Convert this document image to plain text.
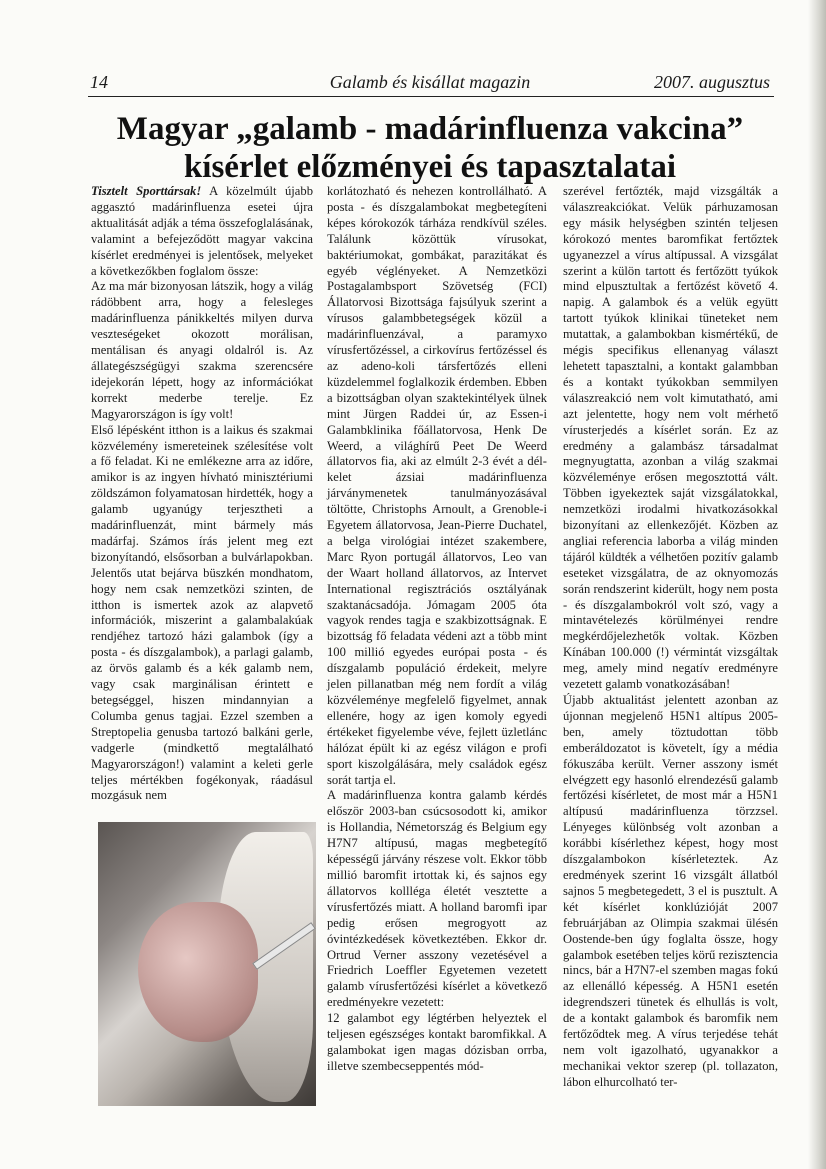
14	Galamb és kisállat magazin	2007. augusztus
Magyar „galamb - madárinfluenza vakcina”
kísérlet előzményei és tapasztalatai

Tisztelt Sporttársak! A közelmúlt újabb aggasztó madárinfluenza esetei újra aktualitását adják a téma összefoglalásának, valamint a befejeződött magyar vakcina kísérlet eredményei is jelentősek, melyeket a következőkben foglalom össze:

Az ma már bizonyosan látszik, hogy a világ rádöbbent arra, hogy a felesleges madárinfluenza pánikkeltés milyen durva veszteségeket okozott morálisan, mentálisan és anyagi oldalról is. Az állategészségügyi szakma szerencsére idejekorán lépett, hogy az információkat korrekt mederbe terelje. Ez Magyarországon is így volt!

Első lépésként itthon is a laikus és szakmai közvélemény ismereteinek szélesítése volt a fő feladat. Ki ne emlékezne arra az időre, amikor is az ingyen hívható minisztériumi zöldszámon folyamatosan hirdették, hogy a galamb ugyanúgy terjesztheti a madárinfluenzát, mint bármely más madárfaj. Számos írás jelent meg ezt bizonyítandó, elsősorban a bulvárlapokban. Jelentős utat bejárva büszkén mondhatom, hogy nem csak nemzetközi szinten, de itthon is ismertek azok az alapvető információk, miszerint a galambalakúak rendjéhez tartozó házi galambok (így a posta - és díszgalambok), a parlagi galamb, az örvös galamb és a kék galamb nem, vagy csak marginálisan érintett e betegséggel, hiszen mindannyian a Columba genus tagjai. Ezzel szemben a Streptopelia genusba tartozó balkáni gerle, vadgerle (mindkettő megtalálható Magyarországon!) valamint a keleti gerle teljes mértékben fogékonyak, ráadásul mozgásuk nem

korlátozható és nehezen kontrollálható. A posta - és díszgalambokat megbetegíteni képes kórokozók tárháza rendkívül széles. Találunk közöttük vírusokat, baktériumokat, gombákat, parazitákat és egyéb véglényeket. A Nemzetközi Postagalambsport Szövetség (FCI) Állatorvosi Bizottsága fajsúlyuk szerint a vírusos galambbetegségek közül a madárinfluenzával, a paramyxo vírusfertőzéssel, a cirkovírus fertőzéssel és az adeno-koli társfertőzés elleni küzdelemmel foglalkozik érdemben. Ebben a bizottságban olyan szaktekintélyek ülnek mint Jürgen Raddei úr, az Essen-i Galambklinika főállatorvosa, Henk De Weerd, a világhírű Peet De Weerd állatorvos fia, aki az elmúlt 2-3 évét a dél-kelet ázsiai madárinfluenza járványmenetek tanulmányozásával töltötte, Christophs Arnoult, a Grenoble-i Egyetem állatorvosa, Jean-Pierre Duchatel, a belga virológiai intézet szakembere, Marc Ryon portugál állatorvos, Leo van der Waart holland állatorvos, az Intervet International regisztrációs osztályának szaktanácsadója. Jómagam 2005 óta vagyok rendes tagja e szakbizottságnak. E bizottság fő feladata védeni azt a több mint 100 millió egyedes európai posta - és díszgalamb populáció érdekeit, melyre jelen pillanatban még nem fordít a világ közvéleménye megfelelő figyelmet, annak ellenére, hogy az igen komoly egyedi értékeket figyelembe véve, fejlett üzletlánc hálózat épült ki az egész világon e profi sport kiszolgálására, mely családok egész sorát tartja el.

A madárinfluenza kontra galamb kérdés először 2003-ban csúcsosodott ki, amikor is Hollandia, Németország és Belgium egy H7N7 altípusú, magas megbetegítő képességű járvány részese volt. Ekkor több millió baromfit irtottak ki, és sajnos egy állatorvos kollléga életét vesztette a vírusfertőzés miatt. A holland baromfi ipar pedig erősen megrogyott az óvintézkedések következtében. Ekkor dr. Ortrud Verner asszony vezetésével a Friedrich Loeffler Egyetemen vezetett galamb vírusfertőzési kísérlet a következő eredményekre vezetett:

12 galambot egy légtérben helyeztek el teljesen egészséges kontakt baromfikkal. A galambokat igen magas dózisban orrba, illetve szembecseppentés mód-

szerével fertőzték, majd vizsgálták a válaszreakciókat. Velük párhuzamosan egy másik helységben szintén teljesen kórokozó mentes baromfikat fertőztek ugyanezzel a vírus altípussal. A vizsgálat szerint a külön tartott és fertőzött tyúkok mind elpusztultak a fertőzést követő 4. napig. A galambok és a velük együtt tartott tyúkok klinikai tüneteket nem mutattak, a galambokban kismértékű, de mégis specifikus ellenanyag választ lehetett tapasztalni, a kontakt galambban és a kontakt tyúkokban semmilyen válaszreakció nem volt kimutatható, ami azt jelentette, hogy nem volt mérhető vírusterjedés a kísérlet során. Ez az eredmény a galambász társadalmat megnyugtatta, azonban a világ szakmai közvéleménye erősen megosztottá vált. Többen igyekeztek saját vizsgálatokkal, nemzetközi irodalmi hivatkozásokkal bizonyítani az ellenkezőjét. Közben az angliai referencia laborba a világ minden tájáról küldték a vélhetően pozitív galamb eseteket vizsgálatra, de az oknyomozás során rendszerint kiderült, hogy nem posta - és díszgalambokról volt szó, vagy a mintavételezés körülményei rendre megkérdőjelezhetők voltak. Közben Kínában 100.000 (!) vérmintát vizsgáltak meg, amely mind negatív eredményre vezetett galamb vonatkozásában!

Újabb aktualitást jelentett azonban az újonnan megjelenő H5N1 altípus 2005-ben, amely töztudottan több emberáldozatot is követelt, így a média fókuszába került. Verner asszony ismét elvégzett egy hasonló elrendezésű galamb fertőzési kísérletet, de most már a H5N1 altípusú madárinfluenza törzzsel. Lényeges különbség volt azonban a korábbi kísérlethez képest, hogy most díszgalambokon kísérleteztek. Az eredmények szerint 16 vizsgált állatból sajnos 5 megbetegedett, 3 el is pusztult. A két kísérlet konklúzióját 2007 februárjában az Olimpia szakmai ülésén Oostende-ben úgy foglalta össze, hogy galambok esetében teljes körű rezisztencia nincs, bár a H7N7-el szemben magas fokú az ellenálló képesség. A H5N1 esetén idegrendszeri tünetek és elhullás is volt, de a kontakt galambok és baromfik nem fertőződtek meg. A vírus terjedése tehát nem volt igazolható, ugyanakkor a mechanikai vektor szerep (pl. tollazaton, lábon elhurcolható ter-
